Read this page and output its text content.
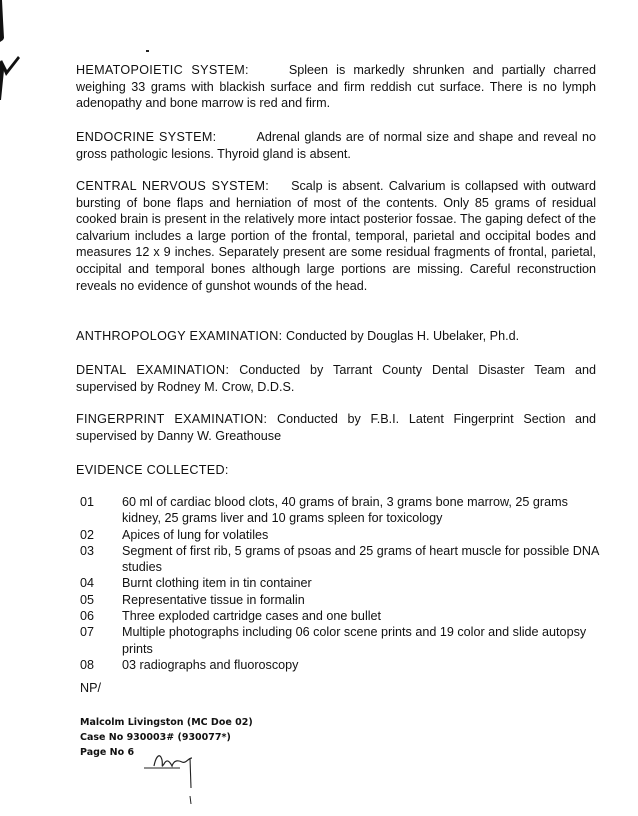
HEMATOPOIETIC SYSTEM:	Spleen is markedly shrunken and partially charred weighing 33 grams with blackish surface and firm reddish cut surface. There is no lymph adenopathy and bone marrow is red and firm.
ENDOCRINE SYSTEM:	Adrenal glands are of normal size and shape and reveal no gross pathologic lesions. Thyroid gland is absent.
CENTRAL NERVOUS SYSTEM: Scalp is absent. Calvarium is collapsed with outward bursting of bone flaps and herniation of most of the contents. Only 85 grams of residual cooked brain is present in the relatively more intact posterior fossae. The gaping defect of the calvarium includes a large portion of the frontal, temporal, parietal and occipital bodes and measures 12 x 9 inches. Separately present are some residual fragments of frontal, parietal, occipital and temporal bones although large portions are missing. Careful reconstruction reveals no evidence of gunshot wounds of the head.
ANTHROPOLOGY EXAMINATION: Conducted by Douglas H. Ubelaker, Ph.d.
DENTAL EXAMINATION: Conducted by Tarrant County Dental Disaster Team and supervised by Rodney M. Crow, D.D.S.
FINGERPRINT EXAMINATION: Conducted by F.B.I. Latent Fingerprint Section and supervised by Danny W. Greathouse
EVIDENCE COLLECTED:
01	60 ml of cardiac blood clots, 40 grams of brain, 3 grams bone marrow, 25 grams kidney, 25 grams liver and 10 grams spleen for toxicology
02	Apices of lung for volatiles
03	Segment of first rib, 5 grams of psoas and 25 grams of heart muscle for possible DNA studies
04	Burnt clothing item in tin container
05	Representative tissue in formalin
06	Three exploded cartridge cases and one bullet
07	Multiple photographs including 06 color scene prints and 19 color and slide autopsy prints
08	03 radiographs and fluoroscopy
NP/
Malcolm Livingston (MC Doe 02)
Case No 930003# (930077*)
Page No 6
